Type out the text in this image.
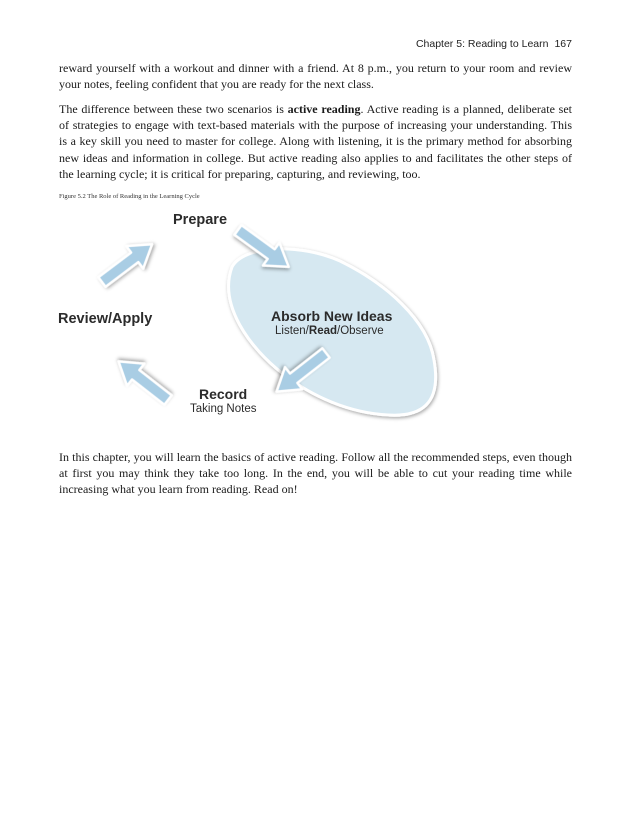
Chapter 5: Reading to Learn 167

reward yourself with a workout and dinner with a friend. At 8 p.m., you return to your room and review your notes, feeling confident that you are ready for the next class.

The difference between these two scenarios is active reading. Active reading is a planned, deliberate set of strategies to engage with text-based materials with the purpose of increasing your understanding. This is a key skill you need to master for college. Along with listening, it is the primary method for absorbing new ideas and information in college. But active reading also applies to and facilitates the other steps of the learning cycle; it is critical for preparing, capturing, and reviewing, too.

Figure 5.2 The Role of Reading in the Learning Cycle
Prepare
Review/Apply	Absorb New Ideas
Listen/Read/Observe
Record
Taking Notes

In this chapter, you will learn the basics of active reading. Follow all the recommended steps, even though at first you may think they take too long. In the end, you will be able to cut your reading time while increasing what you learn from reading. Read on!
